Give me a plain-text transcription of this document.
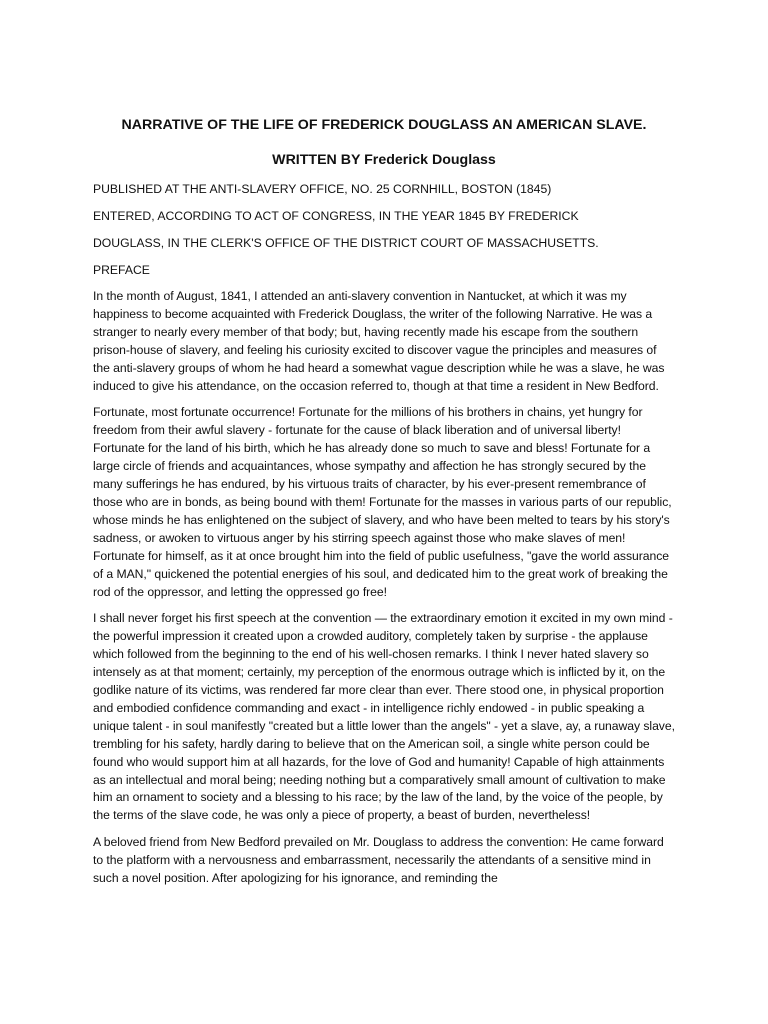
NARRATIVE OF THE LIFE OF FREDERICK DOUGLASS AN AMERICAN SLAVE.
WRITTEN BY Frederick Douglass
PUBLISHED AT THE ANTI-SLAVERY OFFICE, NO. 25 CORNHILL, BOSTON (1845)
ENTERED, ACCORDING TO ACT OF CONGRESS, IN THE YEAR 1845 BY FREDERICK
DOUGLASS, IN THE CLERK'S OFFICE OF THE DISTRICT COURT OF MASSACHUSETTS.
PREFACE

In the month of August, 1841, I attended an anti-slavery convention in Nantucket, at which it was my happiness to become acquainted with Frederick Douglass, the writer of the following Narrative. He was a stranger to nearly every member of that body; but, having recently made his escape from the southern prison-house of slavery, and feeling his curiosity excited to discover vague the principles and measures of the anti-slavery groups of whom he had heard a somewhat vague description while he was a slave, he was induced to give his attendance, on the occasion referred to, though at that time a resident in New Bedford.

Fortunate, most fortunate occurrence! Fortunate for the millions of his brothers in chains, yet hungry for freedom from their awful slavery - fortunate for the cause of black liberation and of universal liberty! Fortunate for the land of his birth, which he has already done so much to save and bless! Fortunate for a large circle of friends and acquaintances, whose sympathy and affection he has strongly secured by the many sufferings he has endured, by his virtuous traits of character, by his ever-present remembrance of those who are in bonds, as being bound with them! Fortunate for the masses in various parts of our republic, whose minds he has enlightened on the subject of slavery, and who have been melted to tears by his story's sadness, or awoken to virtuous anger by his stirring speech against those who make slaves of men! Fortunate for himself, as it at once brought him into the field of public usefulness, "gave the world assurance of a MAN," quickened the potential energies of his soul, and dedicated him to the great work of breaking the rod of the oppressor, and letting the oppressed go free!

I shall never forget his first speech at the convention — the extraordinary emotion it excited in my own mind - the powerful impression it created upon a crowded auditory, completely taken by surprise - the applause which followed from the beginning to the end of his well-chosen remarks. I think I never hated slavery so intensely as at that moment; certainly, my perception of the enormous outrage which is inflicted by it, on the godlike nature of its victims, was rendered far more clear than ever. There stood one, in physical proportion and embodied confidence commanding and exact - in intelligence richly endowed - in public speaking a unique talent - in soul manifestly "created but a little lower than the angels" - yet a slave, ay, a runaway slave, trembling for his safety, hardly daring to believe that on the American soil, a single white person could be found who would support him at all hazards, for the love of God and humanity! Capable of high attainments as an intellectual and moral being; needing nothing but a comparatively small amount of cultivation to make him an ornament to society and a blessing to his race; by the law of the land, by the voice of the people, by the terms of the slave code, he was only a piece of property, a beast of burden, nevertheless!

A beloved friend from New Bedford prevailed on Mr. Douglass to address the convention: He came forward to the platform with a nervousness and embarrassment, necessarily the attendants of a sensitive mind in such a novel position. After apologizing for his ignorance, and reminding the
